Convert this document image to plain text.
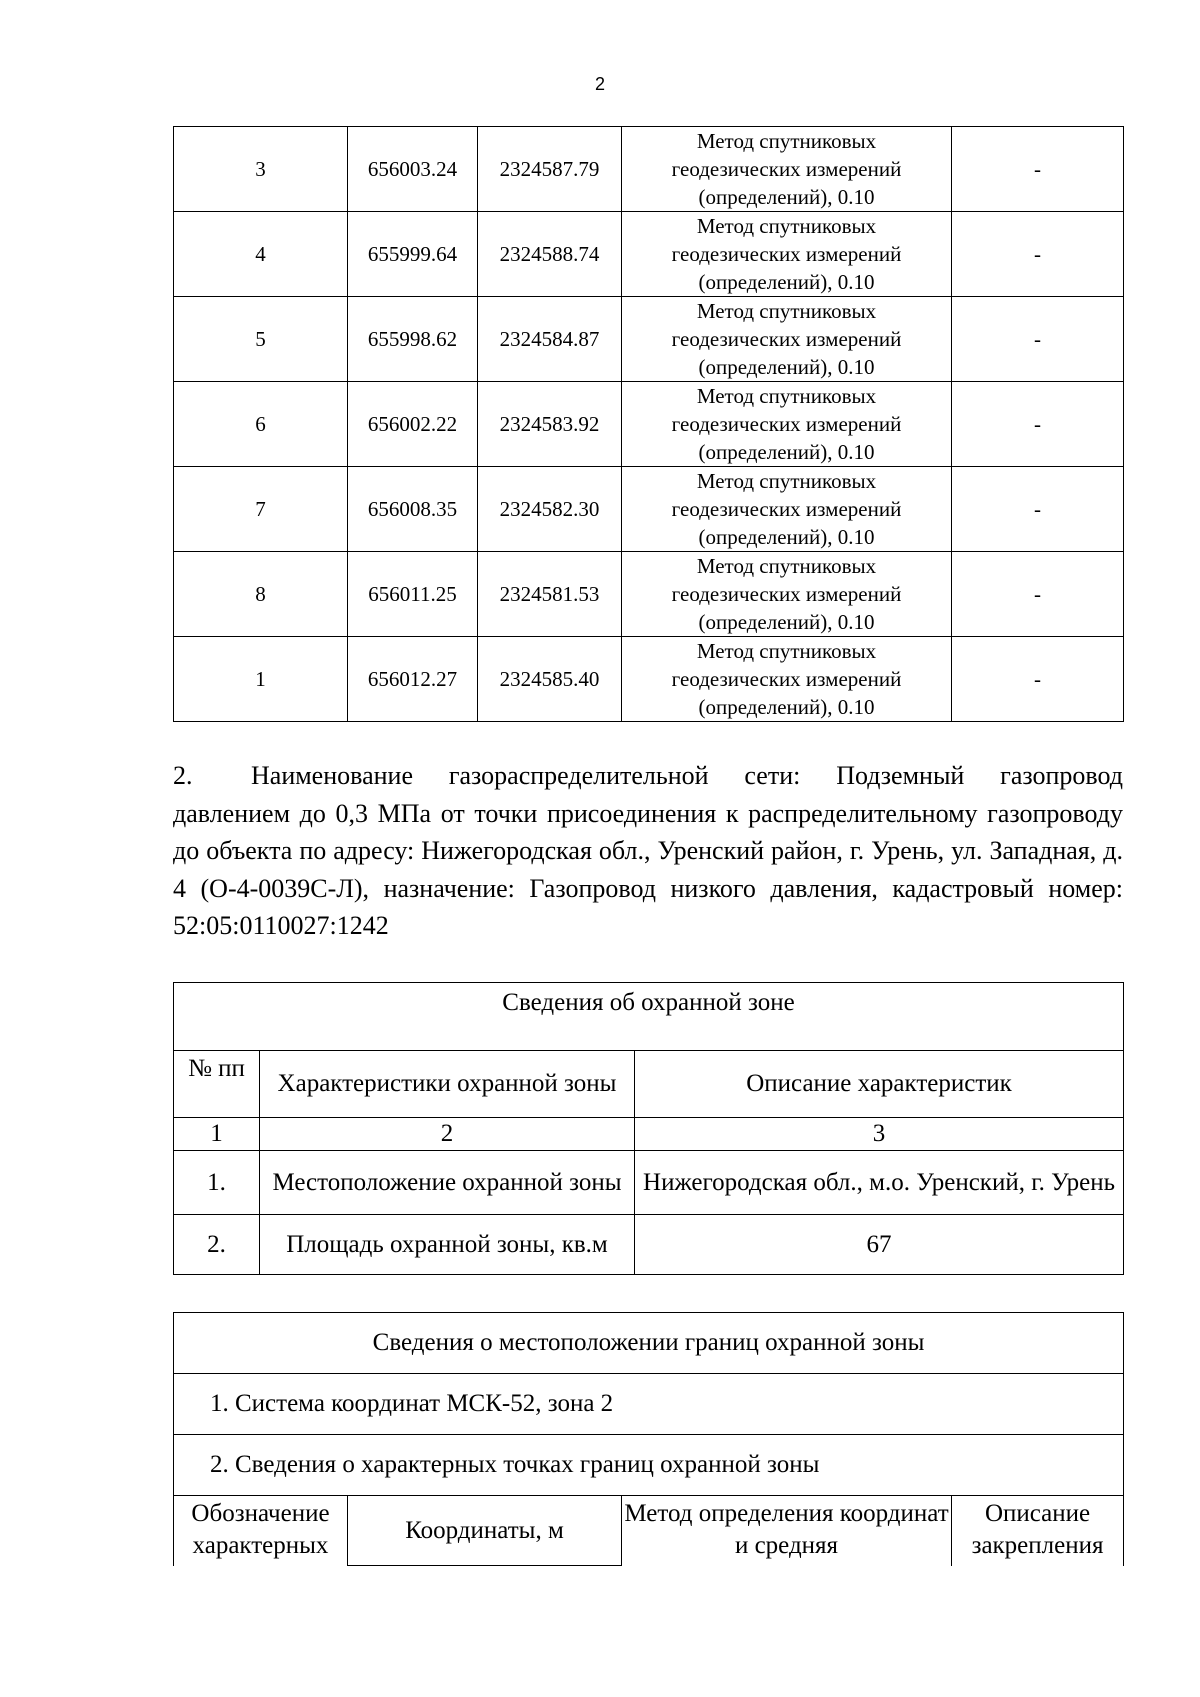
2
3	656003.24	2324587.79	Метод спутниковых
геодезических измерений
(определений), 0.10	-
4	655999.64	2324588.74	Метод спутниковых
геодезических измерений
(определений), 0.10	-
5	655998.62	2324584.87	Метод спутниковых
геодезических измерений
(определений), 0.10	-
6	656002.22	2324583.92	Метод спутниковых
геодезических измерений
(определений), 0.10	-
7	656008.35	2324582.30	Метод спутниковых
геодезических измерений
(определений), 0.10	-
8	656011.25	2324581.53	Метод спутниковых
геодезических измерений
(определений), 0.10	-
1	656012.27	2324585.40	Метод спутниковых
геодезических измерений
(определений), 0.10	-

2. Наименование газораспределительной сети: Подземный газопровод давлением до 0,3 МПа от точки присоединения к распределительному газопроводу до объекта по адресу: Нижегородская обл., Уренский район, г. Урень, ул. Западная, д. 4 (О-4-0039С-Л), назначение: Газопровод низкого давления, кадастровый номер: 52:05:0110027:1242

Сведения об охранной зоне		
№ пп	Характеристики охранной зоны	Описание характеристик
1	2	3
1.	Местоположение охранной зоны	Нижегородская обл., м.о. Уренский, г. Урень
2.	Площадь охранной зоны, кв.м	67
Сведения о местоположении границ охранной зоны
1. Система координат МСК-52, зона 2
2. Сведения о характерных точках границ охранной зоны
Обозначение характерных	Координаты, м	Метод определения координат и средняя	Описание закрепления
